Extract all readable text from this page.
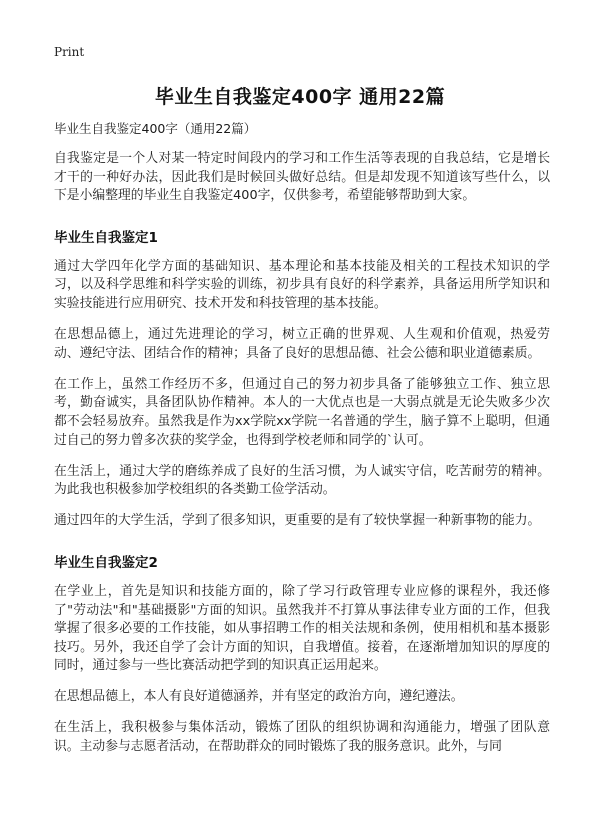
Print
毕业生自我鉴定400字 通用22篇
毕业生自我鉴定400字（通用22篇）

自我鉴定是一个人对某一特定时间段内的学习和工作生活等表现的自我总结，它是增长才干的一种好办法，因此我们是时候回头做好总结。但是却发现不知道该写些什么，以下是小编整理的毕业生自我鉴定400字，仅供参考，希望能够帮助到大家。

毕业生自我鉴定1

通过大学四年化学方面的基础知识、基本理论和基本技能及相关的工程技术知识的学习，以及科学思维和科学实验的训练，初步具有良好的科学素养，具备运用所学知识和实验技能进行应用研究、技术开发和科技管理的基本技能。

在思想品德上，通过先进理论的学习，树立正确的世界观、人生观和价值观，热爱劳动、遵纪守法、团结合作的精神；具备了良好的思想品德、社会公德和职业道德素质。

在工作上，虽然工作经历不多，但通过自己的努力初步具备了能够独立工作、独立思考，勤奋诚实，具备团队协作精神。本人的一大优点也是一大弱点就是无论失败多少次都不会轻易放弃。虽然我是作为xx学院xx学院一名普通的学生，脑子算不上聪明，但通过自己的努力曾多次获的奖学金，也得到学校老师和同学的`认可。

在生活上，通过大学的磨练养成了良好的生活习惯，为人诚实守信，吃苦耐劳的精神。为此我也积极参加学校组织的各类勤工俭学活动。

通过四年的大学生活，学到了很多知识，更重要的是有了较快掌握一种新事物的能力。

毕业生自我鉴定2

在学业上，首先是知识和技能方面的，除了学习行政管理专业应修的课程外，我还修了"劳动法"和"基础摄影"方面的知识。虽然我并不打算从事法律专业方面的工作，但我掌握了很多必要的工作技能，如从事招聘工作的相关法规和条例，使用相机和基本摄影技巧。另外，我还自学了会计方面的知识，自我增值。接着，在逐渐增加知识的厚度的同时，通过参与一些比赛活动把学到的知识真正运用起来。

在思想品德上，本人有良好道德涵养，并有坚定的政治方向，遵纪遵法。

在生活上，我积极参与集体活动，锻炼了团队的组织协调和沟通能力，增强了团队意识。主动参与志愿者活动，在帮助群众的同时锻炼了我的服务意识。此外，与同
